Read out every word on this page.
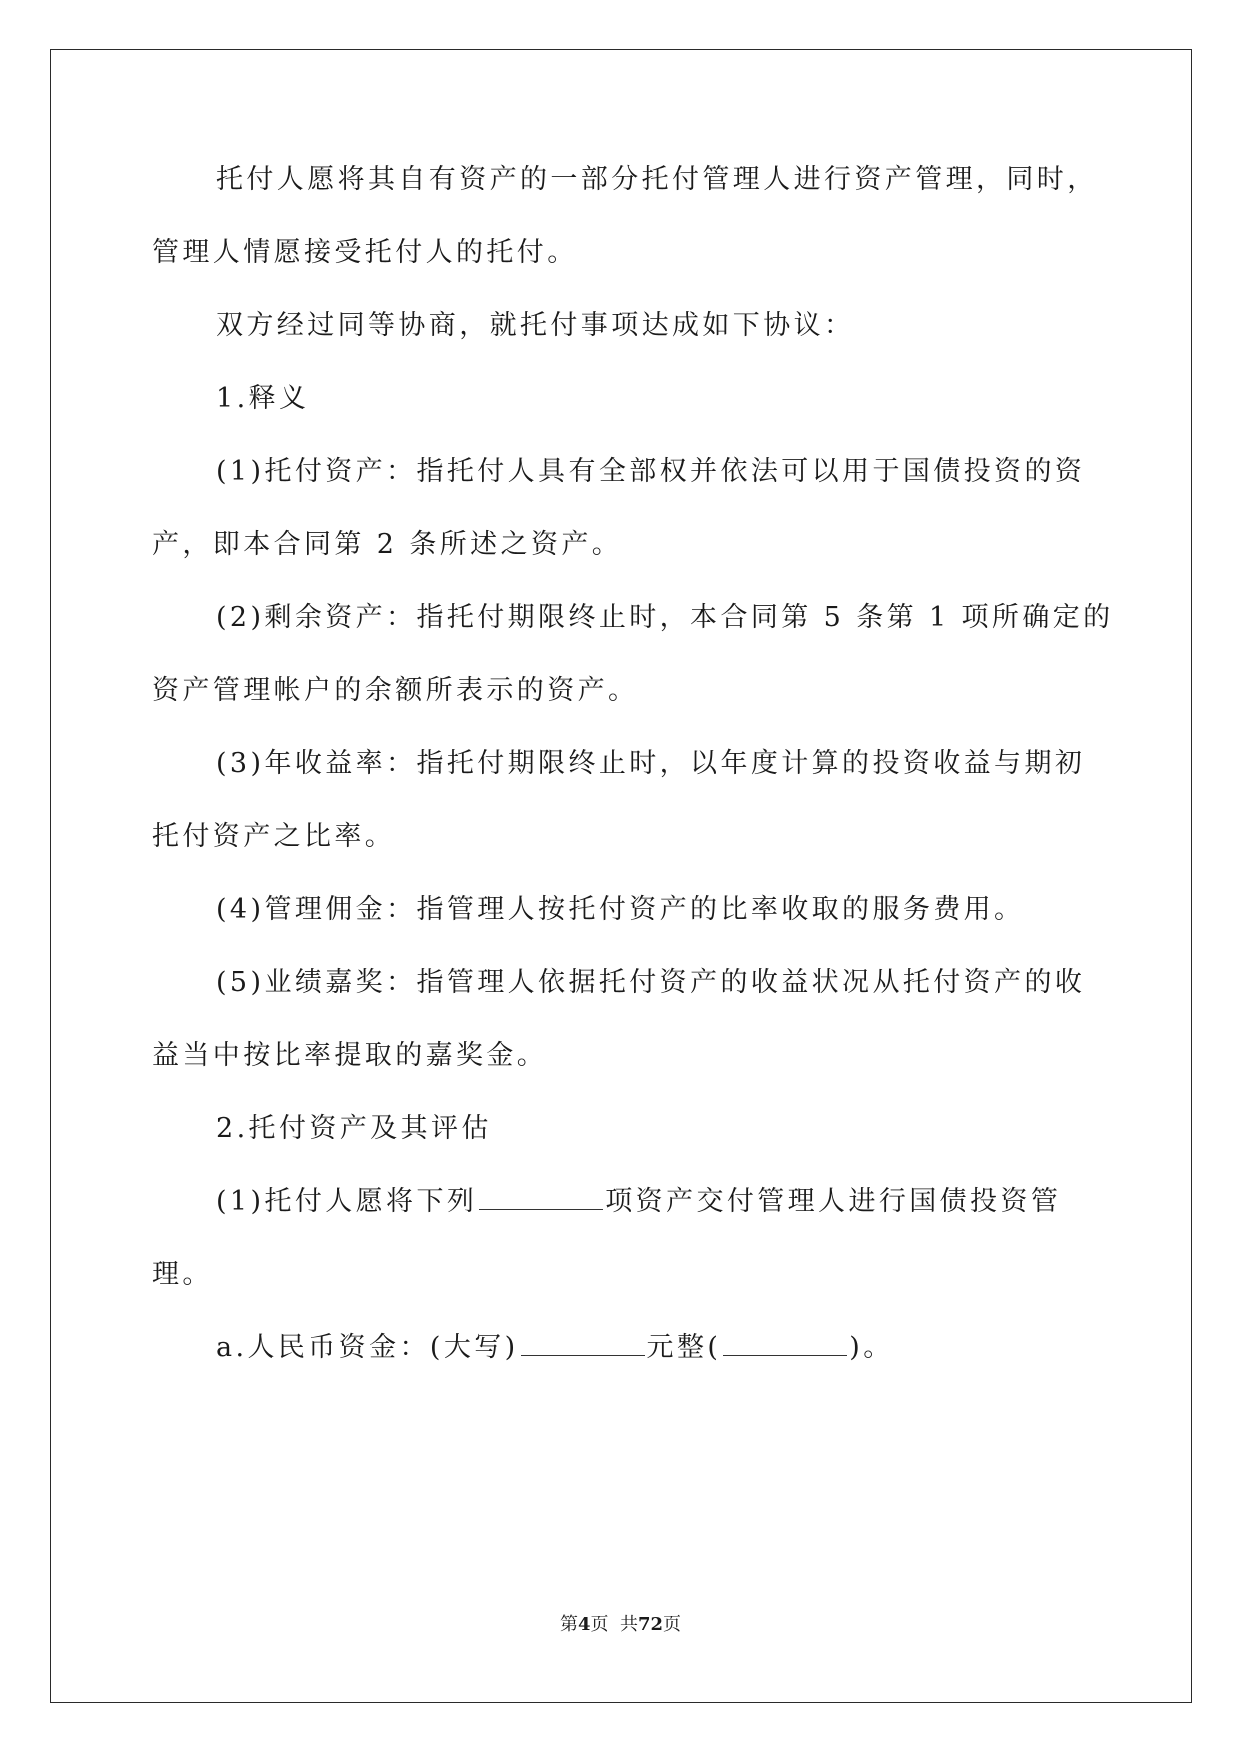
托付人愿将其自有资产的一部分托付管理人进行资产管理，同时，
管理人情愿接受托付人的托付。
双方经过同等协商，就托付事项达成如下协议：
1.释义
(1)托付资产：指托付人具有全部权并依法可以用于国债投资的资
产，即本合同第 2 条所述之资产。
(2)剩余资产：指托付期限终止时，本合同第 5 条第 1 项所确定的
资产管理帐户的余额所表示的资产。
(3)年收益率：指托付期限终止时，以年度计算的投资收益与期初
托付资产之比率。
(4)管理佣金：指管理人按托付资产的比率收取的服务费用。
(5)业绩嘉奖：指管理人依据托付资产的收益状况从托付资产的收
益当中按比率提取的嘉奖金。
2.托付资产及其评估
(1)托付人愿将下列	项资产交付管理人进行国债投资管
理。
a.人民币资金：(大写)	元整(	)。
第4页  共72页
